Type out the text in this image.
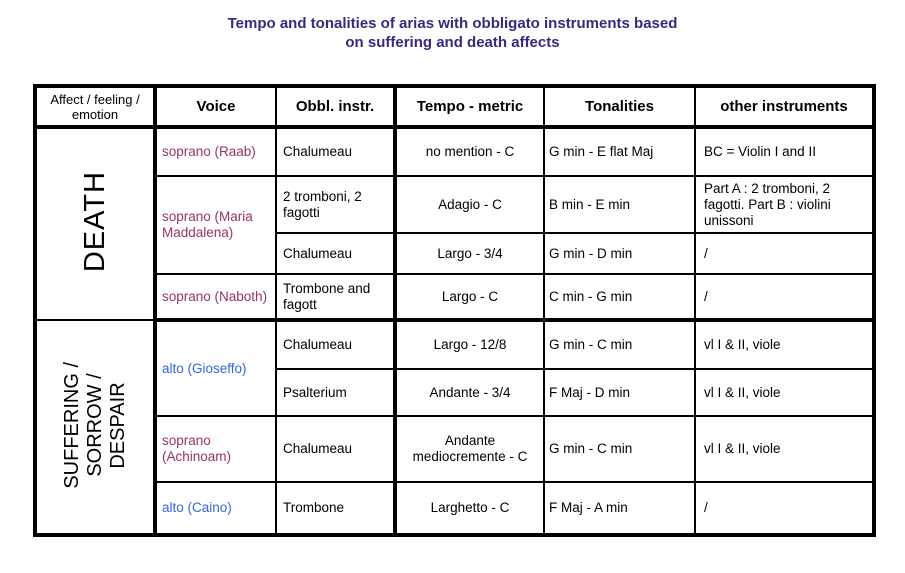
Tempo and tonalities of arias with obbligato instruments based
on suffering and death affects
Affect / feeling / emotion	Voice	Obbl. instr.	Tempo - metric	Tonalities	other instruments
DEATH	soprano (Raab)	Chalumeau	no mention - C	G min - E flat Maj	BC = Violin I and II
	soprano (Maria Maddalena)	2 tromboni, 2 fagotti	Adagio - C	B min - E min	Part A : 2 tromboni, 2 fagotti. Part B : violini unissoni
		Chalumeau	Largo - 3/4	G min - D min	/
	soprano (Naboth)	Trombone and fagott	Largo - C	C min - G min	/

SUFFERING / SORROW / DESPAIR	alto (Gioseffo)	Chalumeau	Largo - 12/8	G min - C min	vl I & II, viole
		Psalterium	Andante - 3/4	F Maj - D min	vl I & II, viole
	soprano (Achinoam)	Chalumeau	Andante mediocremente - C	G min - C min	vl I & II, viole
	alto (Caino)	Trombone	Larghetto - C	F Maj - A min	/
